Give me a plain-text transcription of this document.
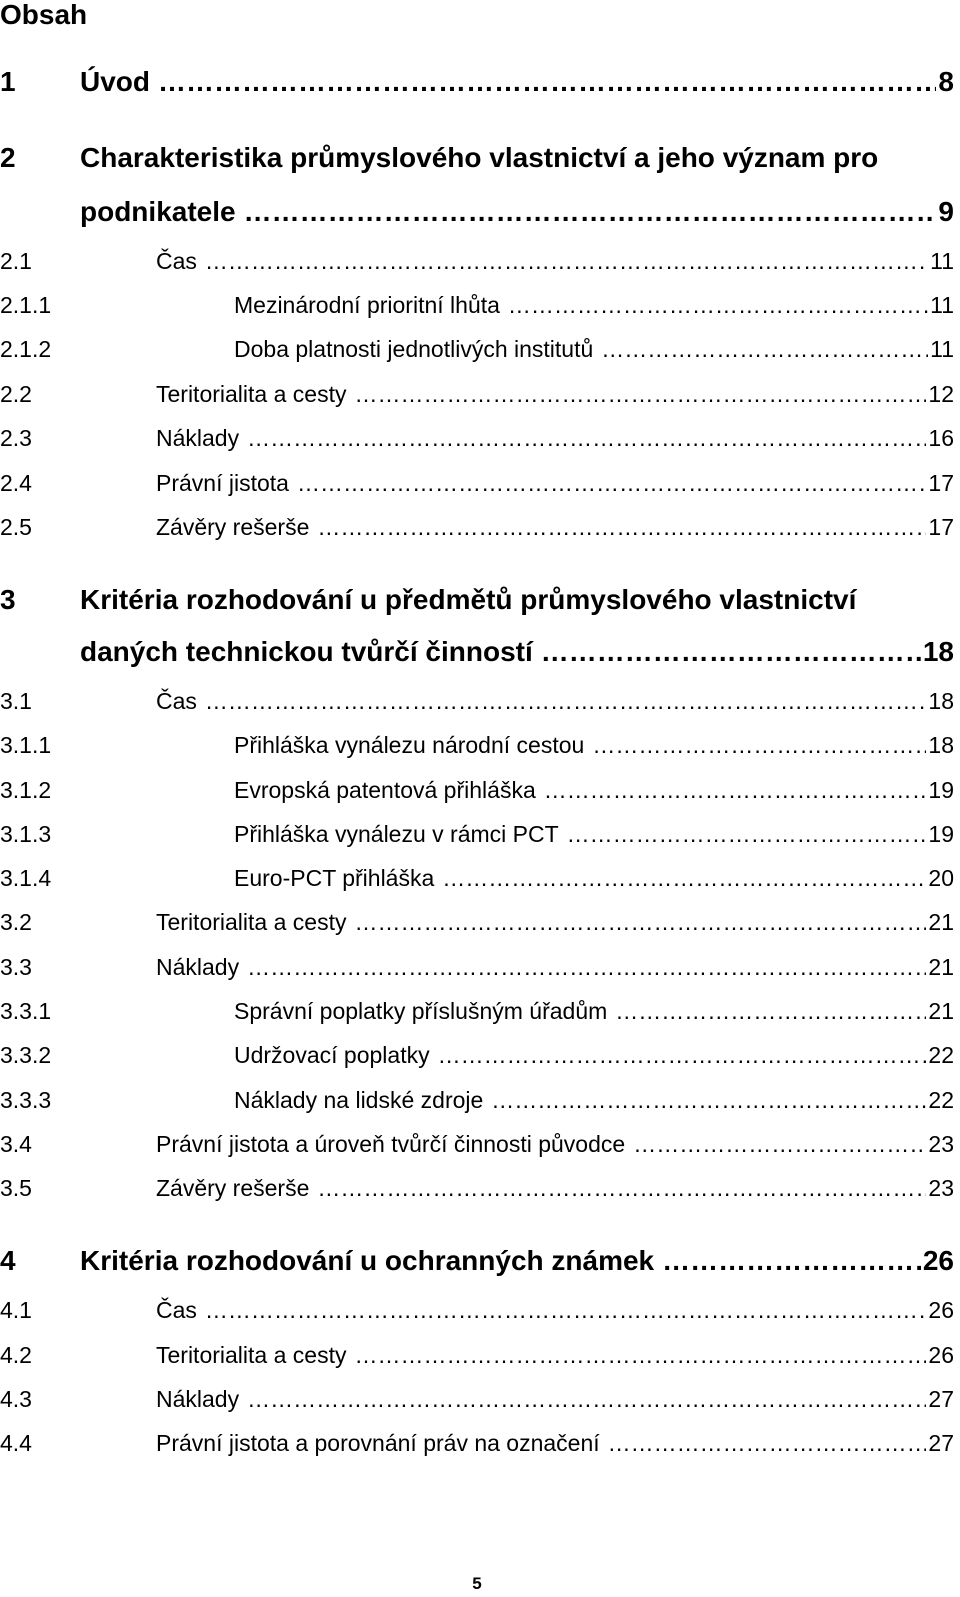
Obsah
1	Úvod …………………………………………………………………………………………………………………………………………………	8
2	Charakteristika průmyslového vlastnictví a jeho význam pro
podnikatele …………………………………………………………………………………………………………………………………………………	9
2.1	Čas …………………………………………………………………………………………………………………………………………………	11
2.1.1	Mezinárodní prioritní lhůta …………………………………………………………………………………………………………………………………………………	11
2.1.2	Doba platnosti jednotlivých institutů …………………………………………………………………………………………………………………………………………………	11
2.2	Teritorialita a cesty …………………………………………………………………………………………………………………………………………………	12
2.3	Náklady …………………………………………………………………………………………………………………………………………………	16
2.4	Právní jistota …………………………………………………………………………………………………………………………………………………	17
2.5	Závěry rešerše …………………………………………………………………………………………………………………………………………………	17
3	Kritéria rozhodování u předmětů průmyslového vlastnictví
daných technickou tvůrčí činností …………………………………………………………………………………………………………………………………………………	18
3.1	Čas …………………………………………………………………………………………………………………………………………………	18
3.1.1	Přihláška vynálezu národní cestou …………………………………………………………………………………………………………………………………………………	18
3.1.2	Evropská patentová přihláška …………………………………………………………………………………………………………………………………………………	19
3.1.3	Přihláška vynálezu v rámci PCT …………………………………………………………………………………………………………………………………………………	19
3.1.4	Euro-PCT přihláška …………………………………………………………………………………………………………………………………………………	20
3.2	Teritorialita a cesty …………………………………………………………………………………………………………………………………………………	21
3.3	Náklady …………………………………………………………………………………………………………………………………………………	21
3.3.1	Správní poplatky příslušným úřadům …………………………………………………………………………………………………………………………………………………	21
3.3.2	Udržovací poplatky …………………………………………………………………………………………………………………………………………………	22
3.3.3	Náklady na lidské zdroje …………………………………………………………………………………………………………………………………………………	22
3.4	Právní jistota a úroveň tvůrčí činnosti původce …………………………………………………………………………………………………………………………………………………	23
3.5	Závěry rešerše …………………………………………………………………………………………………………………………………………………	23
4	Kritéria rozhodování u ochranných známek …………………………………………………………………………………………………………………………………………………	26
4.1	Čas …………………………………………………………………………………………………………………………………………………	26
4.2	Teritorialita a cesty …………………………………………………………………………………………………………………………………………………	26
4.3	Náklady …………………………………………………………………………………………………………………………………………………	27
4.4	Právní jistota a porovnání práv na označení …………………………………………………………………………………………………………………………………………………	27
5
